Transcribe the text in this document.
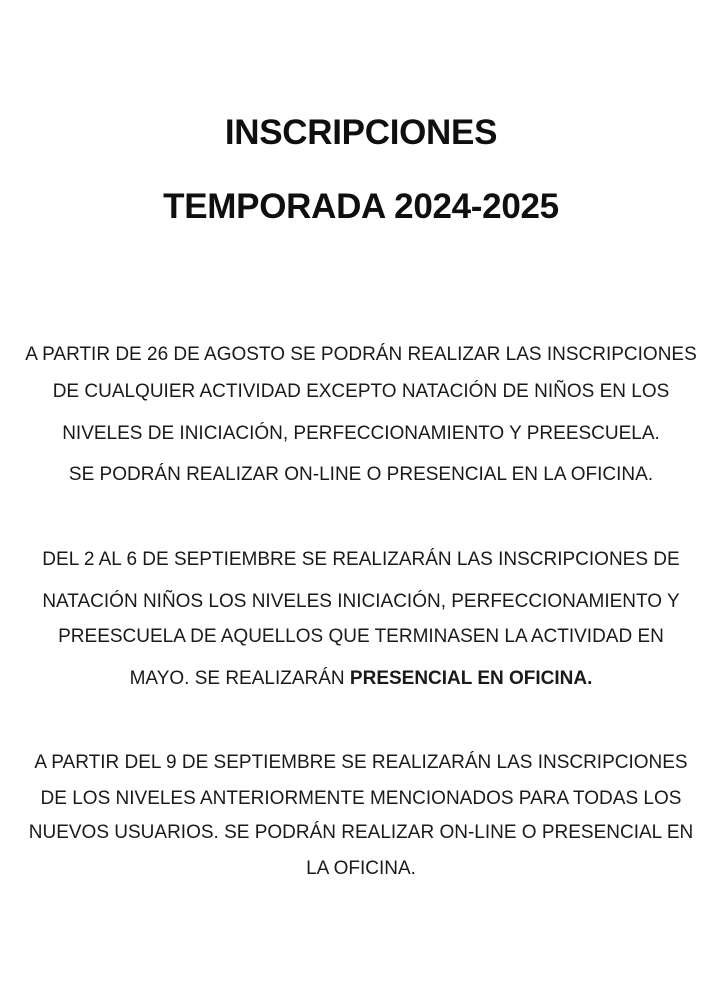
INSCRIPCIONES
TEMPORADA 2024-2025

A PARTIR DE 26 DE AGOSTO SE PODRÁN REALIZAR LAS INSCRIPCIONES

DE CUALQUIER ACTIVIDAD EXCEPTO NATACIÓN DE NIÑOS EN LOS

NIVELES DE INICIACIÓN, PERFECCIONAMIENTO Y PREESCUELA.

SE PODRÁN REALIZAR ON-LINE O PRESENCIAL EN LA OFICINA.

DEL 2 AL 6 DE SEPTIEMBRE SE REALIZARÁN LAS INSCRIPCIONES DE

NATACIÓN NIÑOS LOS NIVELES INICIACIÓN, PERFECCIONAMIENTO Y

PREESCUELA DE AQUELLOS QUE TERMINASEN LA ACTIVIDAD EN

MAYO. SE REALIZARÁN PRESENCIAL EN OFICINA.

A PARTIR DEL 9 DE SEPTIEMBRE SE REALIZARÁN LAS INSCRIPCIONES

DE LOS NIVELES ANTERIORMENTE MENCIONADOS PARA TODAS LOS

NUEVOS USUARIOS. SE PODRÁN REALIZAR ON-LINE O PRESENCIAL EN

LA OFICINA.
